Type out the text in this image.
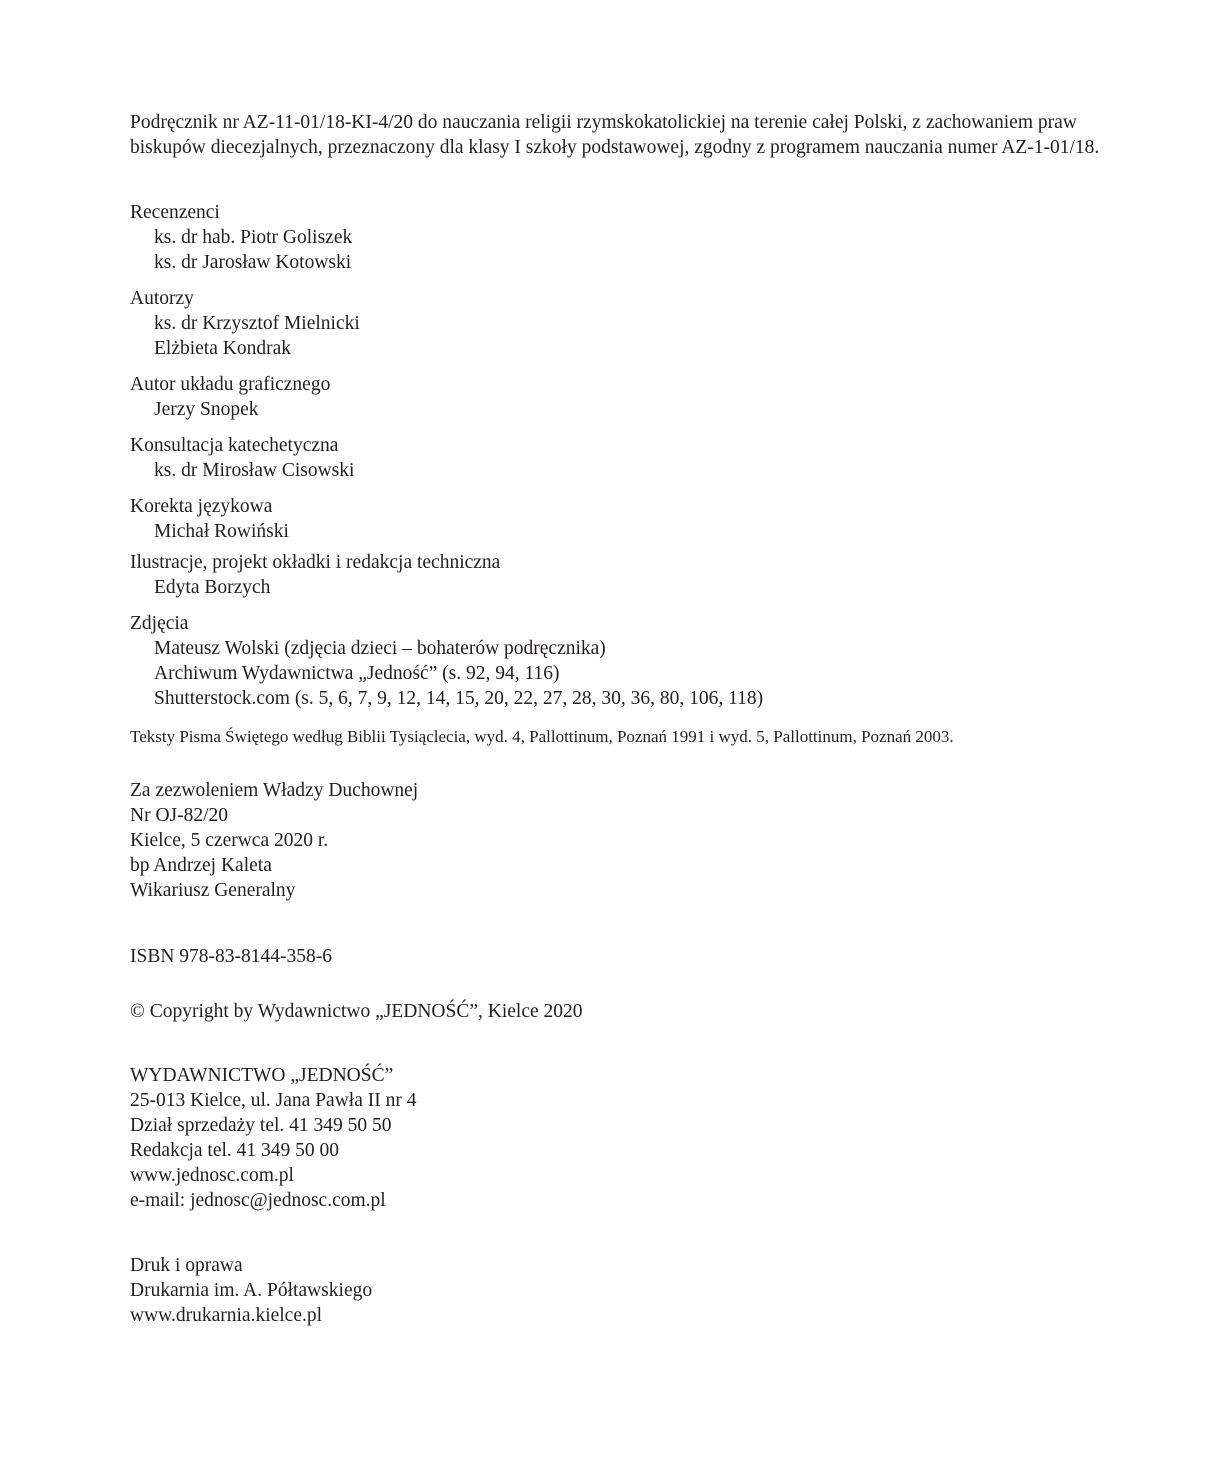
Podręcznik nr AZ-11-01/18-KI-4/20 do nauczania religii rzymskokatolickiej na terenie całej Polski, z zachowaniem praw biskupów diecezjalnych, przeznaczony dla klasy I szkoły podstawowej, zgodny z programem nauczania numer AZ-1-01/18.

Recenzenci
ks. dr hab. Piotr Goliszek
ks. dr Jarosław Kotowski
Autorzy
ks. dr Krzysztof Mielnicki
Elżbieta Kondrak
Autor układu graficznego
Jerzy Snopek
Konsultacja katechetyczna
ks. dr Mirosław Cisowski
Korekta językowa
Michał Rowiński
Ilustracje, projekt okładki i redakcja techniczna
Edyta Borzych
Zdjęcia
Mateusz Wolski (zdjęcia dzieci – bohaterów podręcznika)
Archiwum Wydawnictwa „Jedność” (s. 92, 94, 116)
Shutterstock.com (s. 5, 6, 7, 9, 12, 14, 15, 20, 22, 27, 28, 30, 36, 80, 106, 118)
Teksty Pisma Świętego według Biblii Tysiąclecia, wyd. 4, Pallottinum, Poznań 1991 i wyd. 5, Pallottinum, Poznań 2003.
Za zezwoleniem Władzy Duchownej
Nr OJ-82/20
Kielce, 5 czerwca 2020 r.
bp Andrzej Kaleta
Wikariusz Generalny
ISBN 978-83-8144-358-6
© Copyright by Wydawnictwo „JEDNOŚĆ”, Kielce 2020
WYDAWNICTWO „JEDNOŚĆ”
25-013 Kielce, ul. Jana Pawła II nr 4
Dział sprzedaży tel. 41 349 50 50
Redakcja tel. 41 349 50 00
www.jednosc.com.pl
e-mail: jednosc@jednosc.com.pl
Druk i oprawa
Drukarnia im. A. Półtawskiego
www.drukarnia.kielce.pl
